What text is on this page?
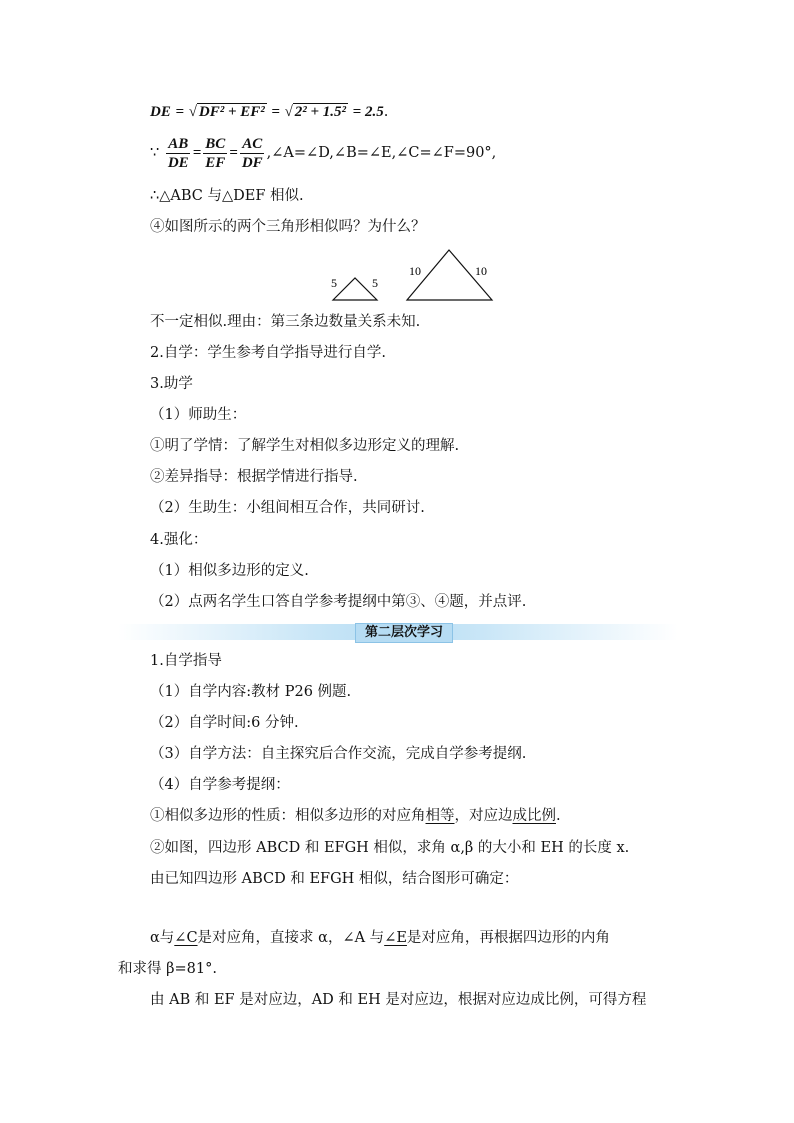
DE = √ DF² + EF² = √ 2² + 1.5² = 2.5.
∵ $\frac{AB}{DE} = \frac{BC}{EF} = \frac{AC}{DF}$ ,∠A=∠D,∠B=∠E,∠C=∠F=90°,
∴△ABC 与△DEF 相似.
④如图所示的两个三角形相似吗？为什么？
5	5
10	10
不一定相似.理由：第三条边数量关系未知.
2.自学：学生参考自学指导进行自学.
3.助学
（1）师助生：
①明了学情：了解学生对相似多边形定义的理解.
②差异指导：根据学情进行指导.
（2）生助生：小组间相互合作，共同研讨.
4.强化：
（1）相似多边形的定义.
（2）点两名学生口答自学参考提纲中第③、④题，并点评.
第二层次学习
1.自学指导
（1）自学内容:教材 P26 例题.
（2）自学时间:6 分钟.
（3）自学方法：自主探究后合作交流，完成自学参考提纲.
（4）自学参考提纲：
①相似多边形的性质：相似多边形的对应角相等，对应边成比例.
②如图，四边形 ABCD 和 EFGH 相似，求角 α,β 的大小和 EH 的长度 x.
由已知四边形 ABCD 和 EFGH 相似，结合图形可确定：
α与∠C是对应角，直接求 α，∠A 与∠E是对应角，再根据四边形的内角
和求得 β=81°.
由 AB 和 EF 是对应边，AD 和 EH 是对应边，根据对应边成比例，可得方程
